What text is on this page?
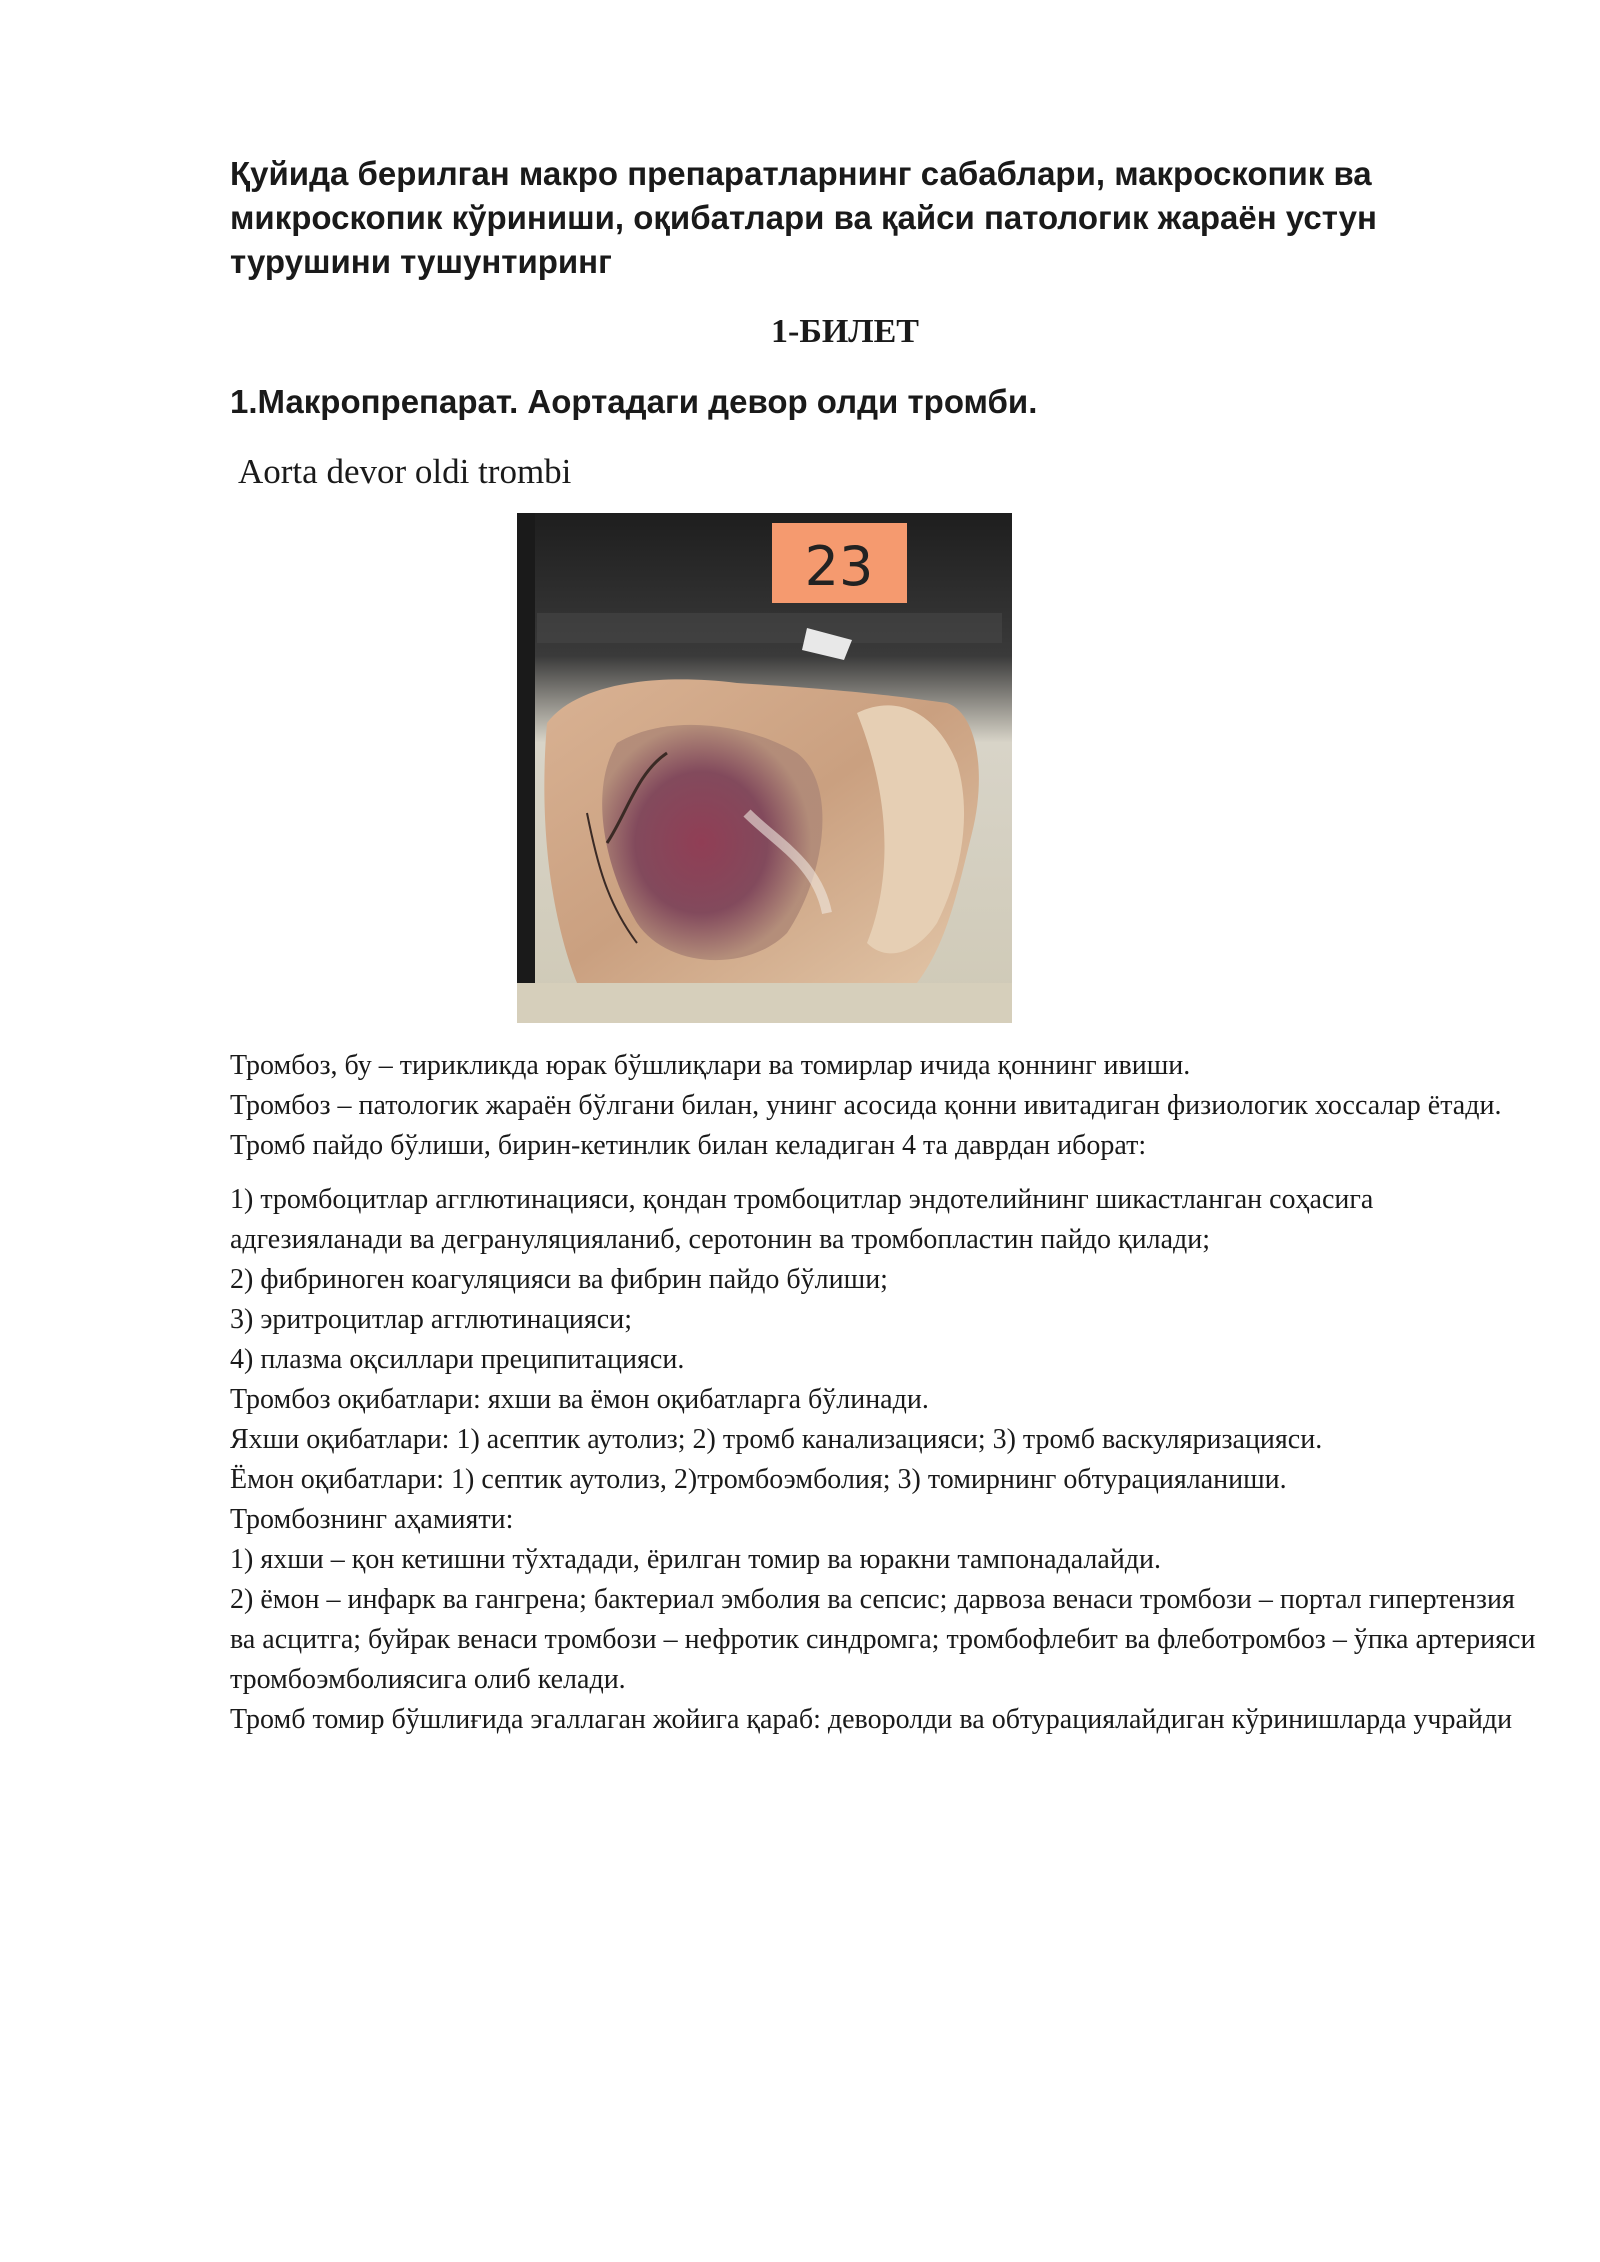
Қуйида берилган макро препаратларнинг сабаблари, макроскопик ва микроскопик кўриниши, оқибатлари ва қайси патологик жараён устун турушини тушунтиринг

1-БИЛЕТ

1.Макропрепарат. Аортадаги девор олди тромби.

Aorta devor oldi trombi

23

Тромбоз, бу – тирикликда юрак бўшлиқлари ва томирлар ичида қоннинг ивиши.

Тромбоз – патологик жараён бўлгани билан, унинг асосида қонни ивитадиган физиологик хоссалар ётади.

Тромб пайдо бўлиши, бирин-кетинлик билан келадиган 4 та даврдан иборат:

1) тромбоцитлар агглютинацияси, қондан тромбоцитлар эндотелийнинг шикастланган соҳасига адгезияланади ва дегрануляцияланиб, серотонин ва тромбопластин пайдо қилади;

2) фибриноген коагуляцияси ва фибрин пайдо бўлиши;

3) эритроцитлар агглютинацияси;

4) плазма оқсиллари преципитацияси.

Тромбоз оқибатлари: яхши ва ёмон оқибатларга бўлинади.

Яхши оқибатлари: 1) асептик аутолиз; 2) тромб канализацияси; 3) тромб васкуляризацияси.

Ёмон оқибатлари: 1) септик аутолиз, 2)тромбоэмболия; 3) томирнинг обтурацияланиши.

Тромбознинг аҳамияти:

1) яхши – қон кетишни тўхтадади, ёрилган томир ва юракни тампонадалайди.

2) ёмон – инфарк ва гангрена; бактериал эмболия ва сепсис; дарвоза венаси тромбози – портал гипертензия ва асцитга; буйрак венаси тромбози – нефротик синдромга; тромбофлебит ва флеботромбоз – ўпка артерияси тромбоэмболиясига олиб келади.

Тромб томир бўшлиғида эгаллаган жойига қараб: деворолди ва обтурациялайдиган кўринишларда учрайди
